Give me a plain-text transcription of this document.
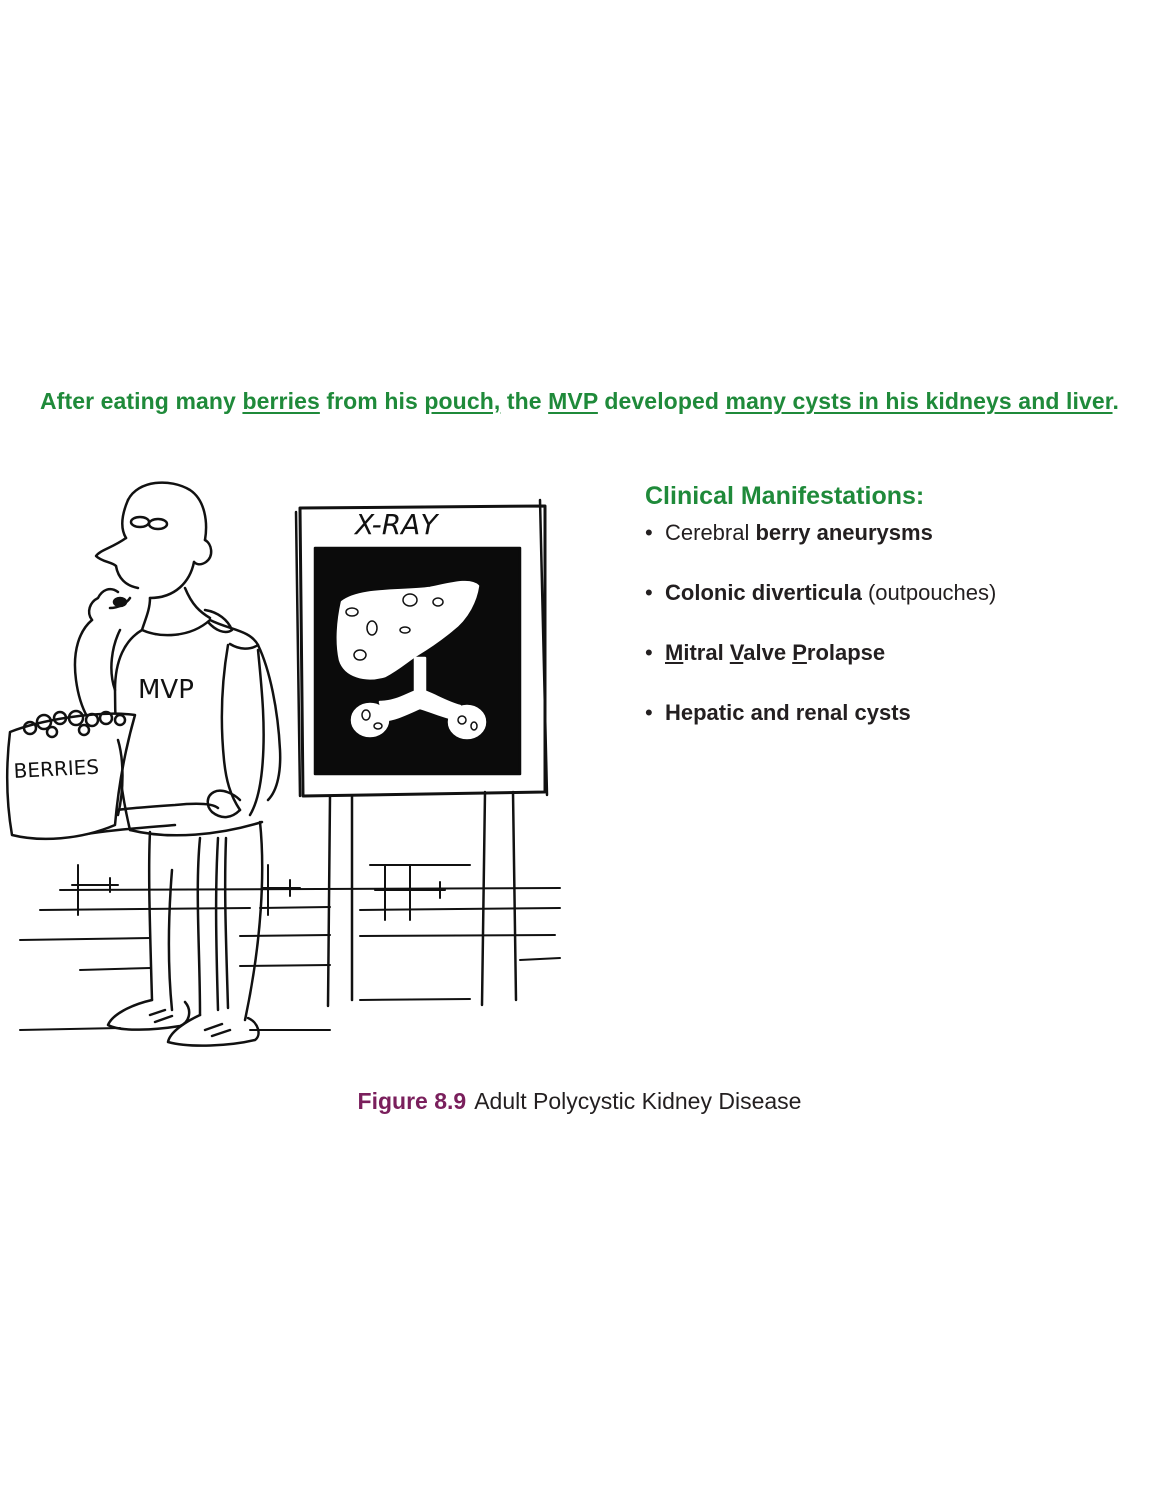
After eating many berries from his pouch, the MVP developed many cysts in his kidneys and liver.
X-RAY
MVP
BERRIES
Clinical Manifestations:
• Cerebral berry aneurysms
• Colonic diverticula (outpouches)
• Mitral Valve Prolapse
• Hepatic and renal cysts
Figure 8.9 Adult Polycystic Kidney Disease
